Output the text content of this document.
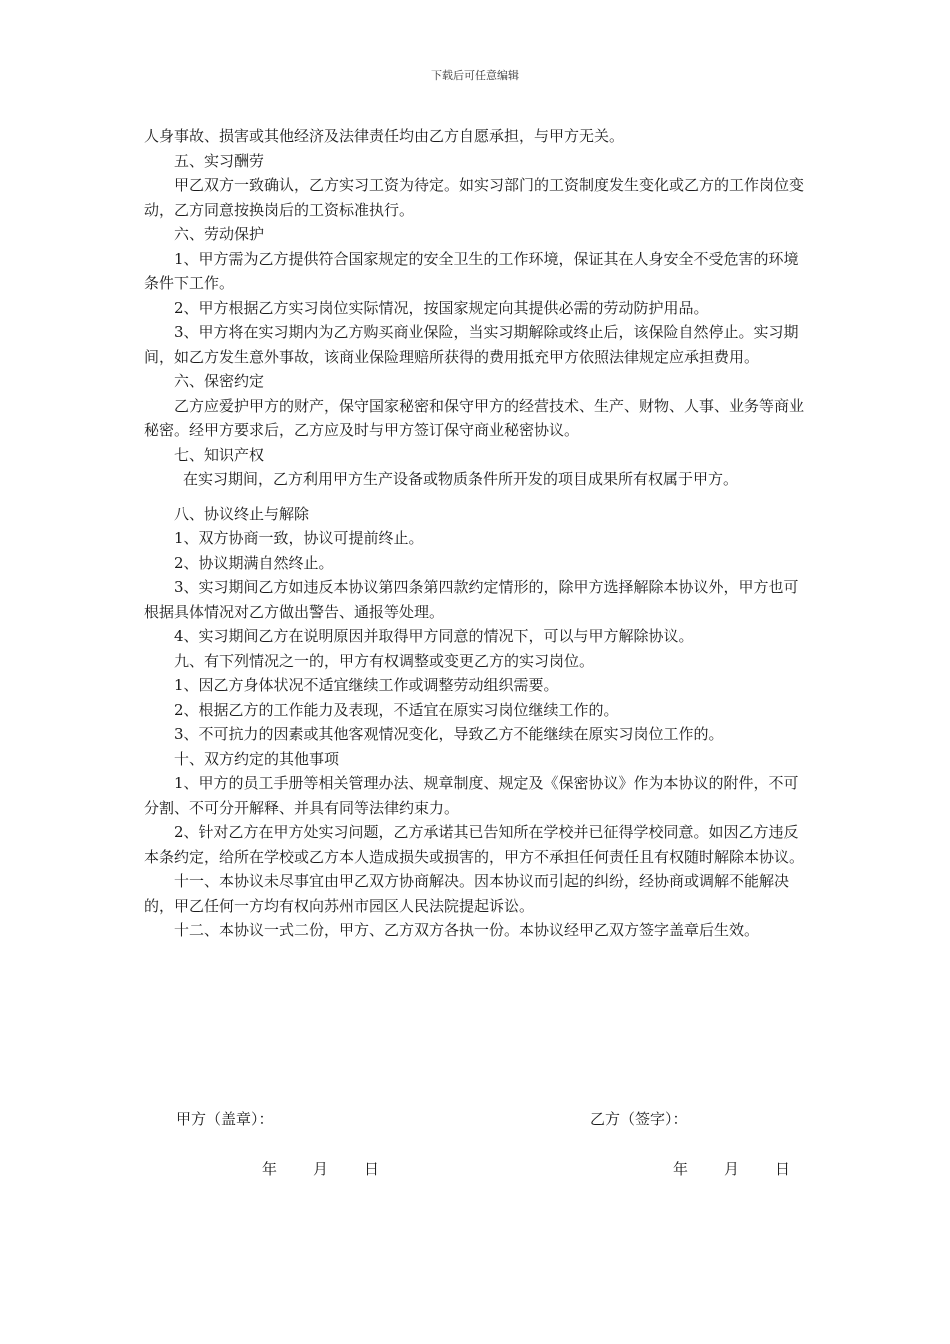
下载后可任意编辑

人身事故、损害或其他经济及法律责任均由乙方自愿承担，与甲方无关。

五、实习酬劳

甲乙双方一致确认，乙方实习工资为待定。如实习部门的工资制度发生变化或乙方的工作岗位变动，乙方同意按换岗后的工资标准执行。

六、劳动保护

1、甲方需为乙方提供符合国家规定的安全卫生的工作环境，保证其在人身安全不受危害的环境条件下工作。

2、甲方根据乙方实习岗位实际情况，按国家规定向其提供必需的劳动防护用品。

3、甲方将在实习期内为乙方购买商业保险，当实习期解除或终止后，该保险自然停止。实习期间，如乙方发生意外事故，该商业保险理赔所获得的费用抵充甲方依照法律规定应承担费用。

六、保密约定

乙方应爱护甲方的财产，保守国家秘密和保守甲方的经营技术、生产、财物、人事、业务等商业秘密。经甲方要求后，乙方应及时与甲方签订保守商业秘密协议。

七、知识产权

在实习期间，乙方利用甲方生产设备或物质条件所开发的项目成果所有权属于甲方。

八、协议终止与解除

1、双方协商一致，协议可提前终止。

2、协议期满自然终止。

3、实习期间乙方如违反本协议第四条第四款约定情形的，除甲方选择解除本协议外，甲方也可根据具体情况对乙方做出警告、通报等处理。

4、实习期间乙方在说明原因并取得甲方同意的情况下，可以与甲方解除协议。

九、有下列情况之一的，甲方有权调整或变更乙方的实习岗位。

1、因乙方身体状况不适宜继续工作或调整劳动组织需要。

2、根据乙方的工作能力及表现，不适宜在原实习岗位继续工作的。

3、不可抗力的因素或其他客观情况变化，导致乙方不能继续在原实习岗位工作的。

十、双方约定的其他事项

1、甲方的员工手册等相关管理办法、规章制度、规定及《保密协议》作为本协议的附件，不可分割、不可分开解释、并具有同等法律约束力。

2、针对乙方在甲方处实习问题，乙方承诺其已告知所在学校并已征得学校同意。如因乙方违反本条约定，给所在学校或乙方本人造成损失或损害的，甲方不承担任何责任且有权随时解除本协议。

十一、本协议未尽事宜由甲乙双方协商解决。因本协议而引起的纠纷，经协商或调解不能解决的，甲乙任何一方均有权向苏州市园区人民法院提起诉讼。

十二、本协议一式二份，甲方、乙方双方各执一份。本协议经甲乙双方签字盖章后生效。

甲方（盖章）：	乙方（签字）：
年 月 日	年 月 日
